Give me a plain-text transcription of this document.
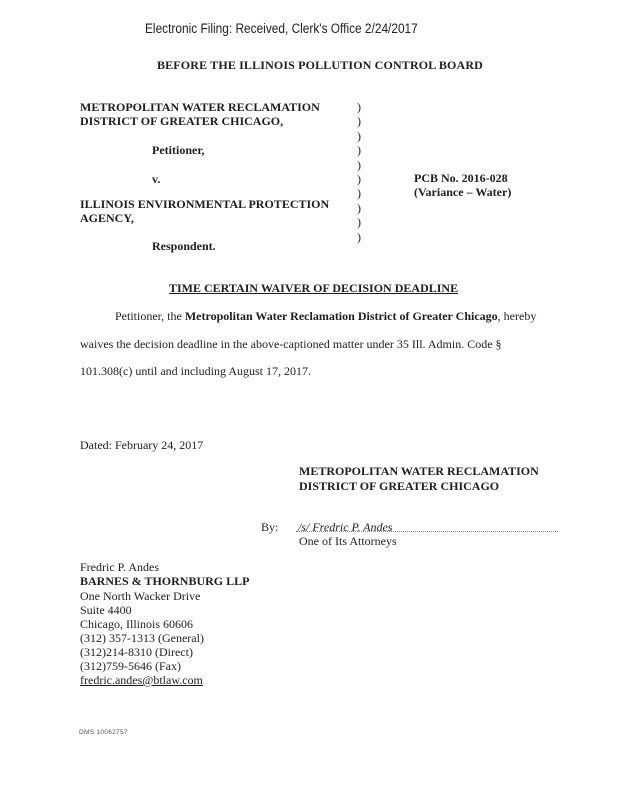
Electronic Filing: Received, Clerk's Office 2/24/2017
BEFORE THE ILLINOIS POLLUTION CONTROL BOARD
METROPOLITAN WATER RECLAMATION
DISTRICT OF GREATER CHICAGO,
Petitioner,
v.
ILLINOIS ENVIRONMENTAL PROTECTION
AGENCY,
Respondent.
)
)
)
)
)
)
)
)
)
)
PCB No. 2016-028
(Variance – Water)
TIME CERTAIN WAIVER OF DECISION DEADLINE
Petitioner, the Metropolitan Water Reclamation District of Greater Chicago, hereby
waives the decision deadline in the above-captioned matter under 35 Ill. Admin. Code §
101.308(c) until and including August 17, 2017.
Dated: February 24, 2017
METROPOLITAN WATER RECLAMATION
DISTRICT OF GREATER CHICAGO
By: /s/ Fredric P. Andes
One of Its Attorneys
Fredric P. Andes
BARNES & THORNBURG LLP
One North Wacker Drive
Suite 4400
Chicago, Illinois 60606
(312) 357-1313 (General)
(312)214-8310 (Direct)
(312)759-5646 (Fax)
fredric.andes@btlaw.com
DMS 10062757
